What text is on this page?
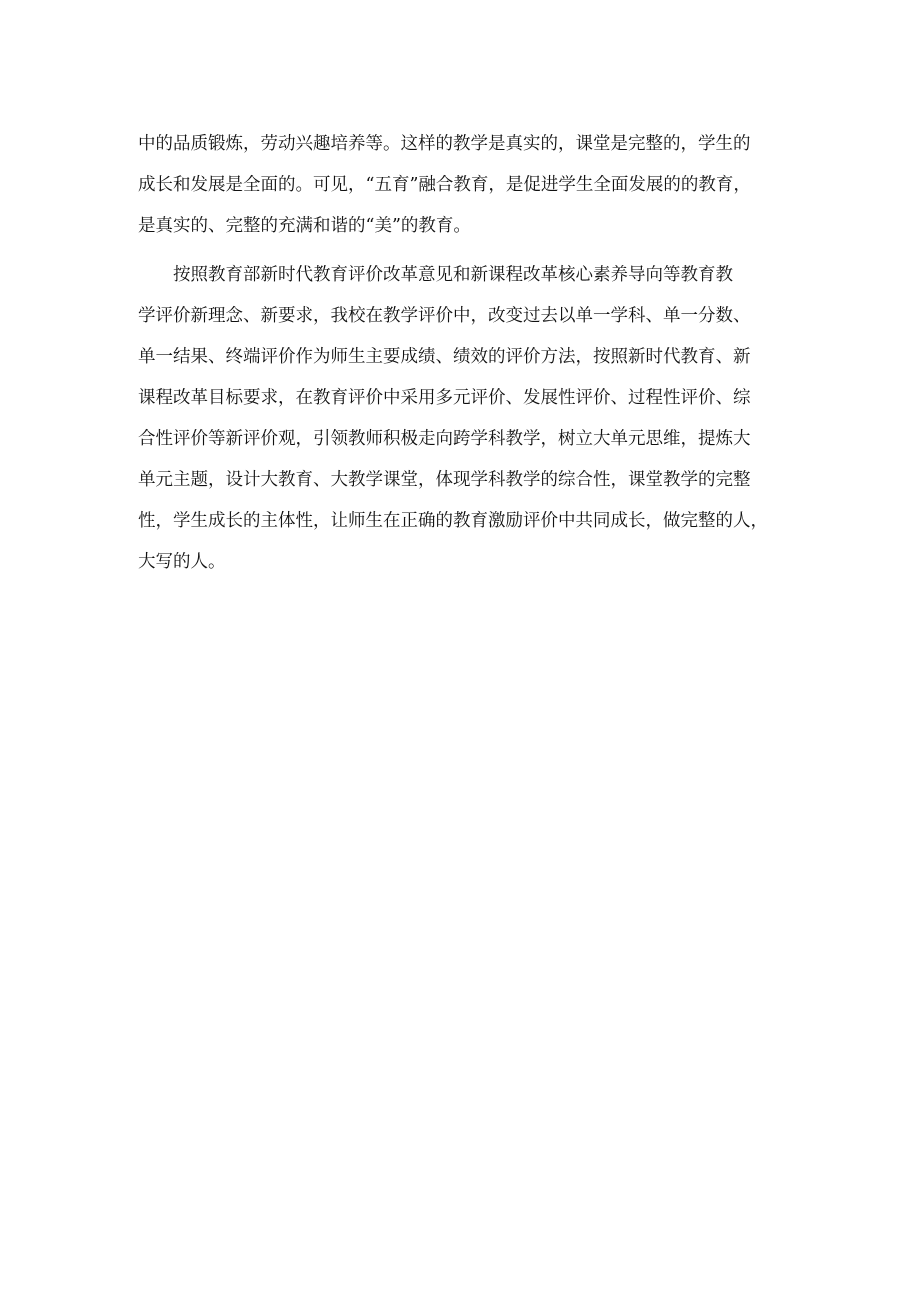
中的品质锻炼，劳动兴趣培养等。这样的教学是真实的，课堂是完整的，学生的
成长和发展是全面的。可见，“五育”融合教育，是促进学生全面发展的的教育，
是真实的、完整的充满和谐的“美”的教育。
　　按照教育部新时代教育评价改革意见和新课程改革核心素养导向等教育教
学评价新理念、新要求，我校在教学评价中，改变过去以单一学科、单一分数、
单一结果、终端评价作为师生主要成绩、绩效的评价方法，按照新时代教育、新
课程改革目标要求，在教育评价中采用多元评价、发展性评价、过程性评价、综
合性评价等新评价观，引领教师积极走向跨学科教学，树立大单元思维，提炼大
单元主题，设计大教育、大教学课堂，体现学科教学的综合性，课堂教学的完整
性，学生成长的主体性，让师生在正确的教育激励评价中共同成长，做完整的人，
大写的人。
